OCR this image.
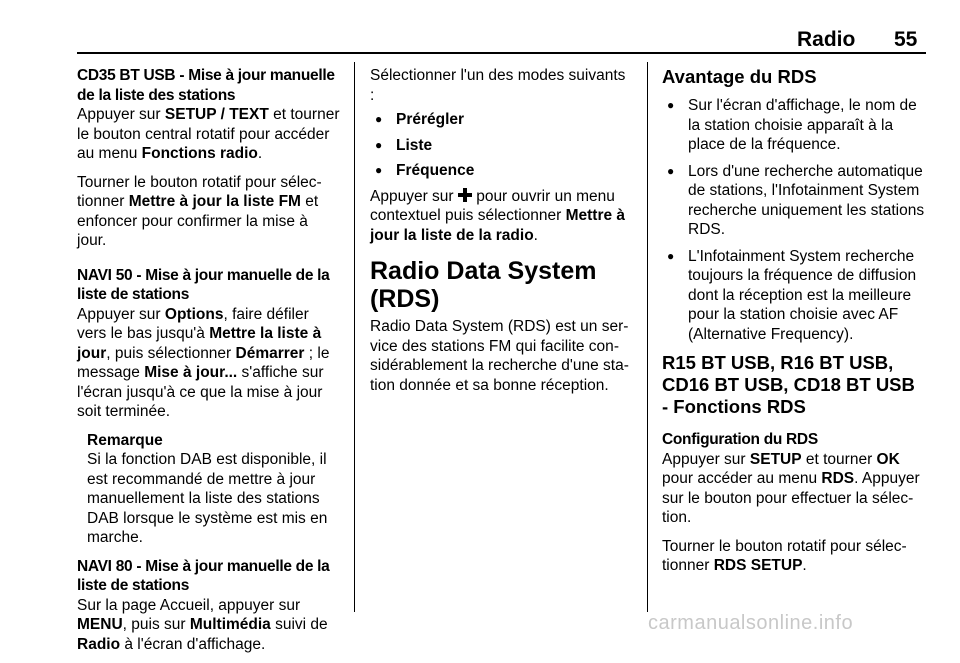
Radio 55

CD35 BT USB - Mise à jour manuelle de la liste des stations

Appuyer sur SETUP / TEXT et tourner le bouton central rotatif pour accéder au menu Fonctions radio.

Tourner le bouton rotatif pour sélectionner Mettre à jour la liste FM et enfoncer pour confirmer la mise à jour.

NAVI 50 - Mise à jour manuelle de la liste de stations

Appuyer sur Options, faire défiler vers le bas jusqu'à Mettre la liste à jour, puis sélectionner Démarrer ; le message Mise à jour... s'affiche sur l'écran jusqu'à ce que la mise à jour soit terminée.

Remarque
Si la fonction DAB est disponible, il est recommandé de mettre à jour manuellement la liste des stations DAB lorsque le système est mis en marche.

NAVI 80 - Mise à jour manuelle de la liste de stations

Sur la page Accueil, appuyer sur MENU, puis sur Multimédia suivi de Radio à l'écran d'affichage.

Sélectionner l'un des modes suivants :

● Prérégler
● Liste
● Fréquence

Appuyer sur  pour ouvrir un menu contextuel puis sélectionner Mettre à jour la liste de la radio.

Radio Data System (RDS)

Radio Data System (RDS) est un service des stations FM qui facilite considérablement la recherche d'une station donnée et sa bonne réception.

Avantage du RDS
● Sur l'écran d'affichage, le nom de la station choisie apparaît à la place de la fréquence.
● Lors d'une recherche automatique de stations, l'Infotainment System recherche uniquement les stations RDS.
● L'Infotainment System recherche toujours la fréquence de diffusion dont la réception est la meilleure pour la station choisie avec AF (Alternative Frequency).
R15 BT USB, R16 BT USB, CD16 BT USB, CD18 BT USB - Fonctions RDS

Configuration du RDS

Appuyer sur SETUP et tourner OK pour accéder au menu RDS. Appuyer sur le bouton pour effectuer la sélection.

Tourner le bouton rotatif pour sélectionner RDS SETUP.

carmanualsonline.info
